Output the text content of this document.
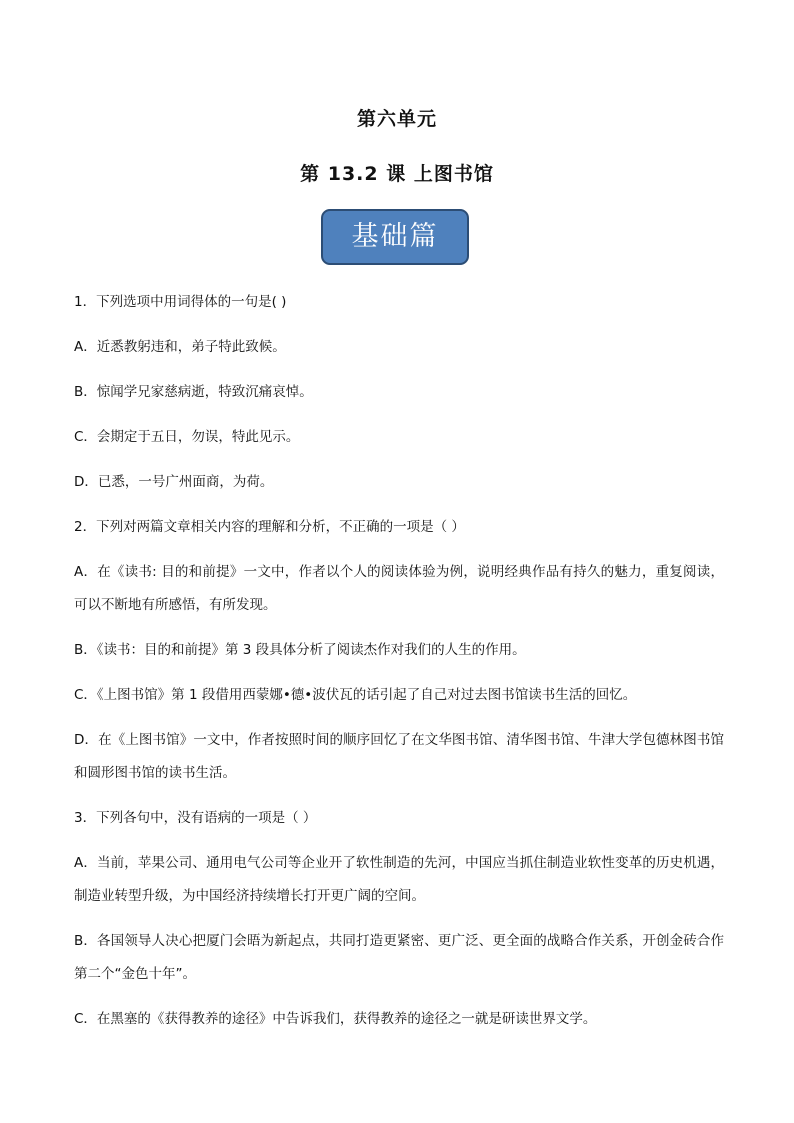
第六单元
第 13.2 课 上图书馆
基础篇

1．下列选项中用词得体的一句是( )

A．近悉教躬违和，弟子特此致候。

B．惊闻学兄家慈病逝，特致沉痛哀悼。

C．会期定于五日，勿误，特此见示。

D．已悉，一号广州面商，为荷。

2．下列对两篇文章相关内容的理解和分析，不正确的一项是（ ）

A．在《读书: 目的和前提》一文中，作者以个人的阅读体验为例，说明经典作品有持久的魅力，重复阅读，可以不断地有所感悟，有所发现。

B．《读书：目的和前提》第 3 段具体分析了阅读杰作对我们的人生的作用。

C．《上图书馆》第 1 段借用西蒙娜•德•波伏瓦的话引起了自己对过去图书馆读书生活的回忆。

D．在《上图书馆》一文中，作者按照时间的顺序回忆了在文华图书馆、清华图书馆、牛津大学包德林图书馆和圆形图书馆的读书生活。

3．下列各句中，没有语病的一项是（ ）

A．当前，苹果公司、通用电气公司等企业开了软性制造的先河，中国应当抓住制造业软性变革的历史机遇，制造业转型升级，为中国经济持续增长打开更广阔的空间。

B．各国领导人决心把厦门会晤为新起点，共同打造更紧密、更广泛、更全面的战略合作关系，开创金砖合作第二个“金色十年”。

C．在黑塞的《获得教养的途径》中告诉我们，获得教养的途径之一就是研读世界文学。
